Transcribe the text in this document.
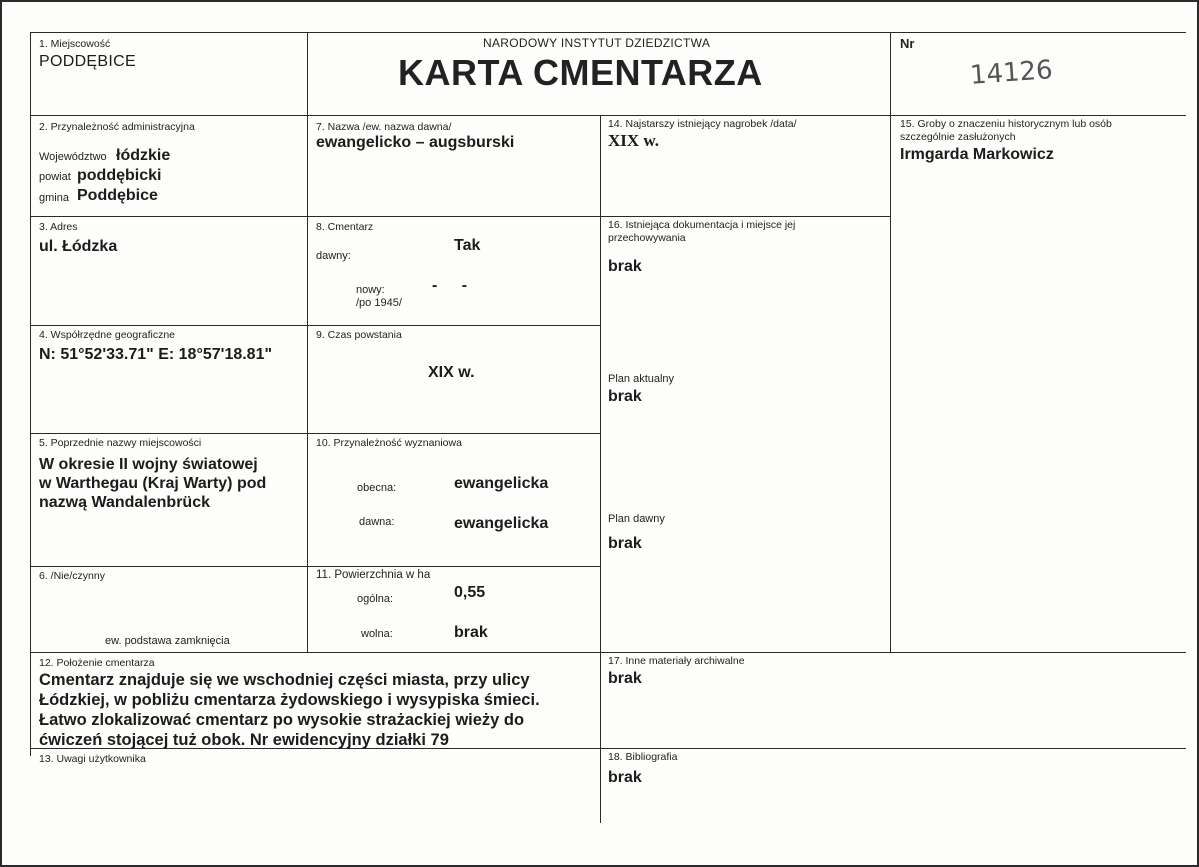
1. Miejscowość
PODDĘBICE
NARODOWY INSTYTUT DZIEDZICTWA
KARTA CMENTARZA
Nr
14126
2. Przynależność administracyjna
Województwo łódzkie
powiat poddębicki
gmina Poddębice
3. Adres
ul. Łódzka
4. Współrzędne geograficzne
N: 51°52'33.71" E: 18°57'18.81"
5. Poprzednie nazwy miejscowości
W okresie II wojny światowej
w Warthegau (Kraj Warty) pod
nazwą Wandalenbrück
6. /Nie/czynny
ew. podstawa zamknięcia
7. Nazwa /ew. nazwa dawna/
ewangelicko – augsburski
8. Cmentarz
dawny:
Tak
nowy:
/po 1945/
- -
9. Czas powstania
XIX w.
10. Przynależność wyznaniowa
obecna:	ewangelicka
dawna:	ewangelicka
11. Powierzchnia w ha
ogólna:	0,55
wolna:	brak
12. Położenie cmentarza
Cmentarz znajduje się we wschodniej części miasta, przy ulicy
Łódzkiej, w pobliżu cmentarza żydowskiego i wysypiska śmieci.
Łatwo zlokalizować cmentarz po wysokie strażackiej wieży do
ćwiczeń stojącej tuż obok. Nr ewidencyjny działki 79
13. Uwagi użytkownika
14. Najstarszy istniejący nagrobek /data/
XIX w.
15. Groby o znaczeniu historycznym lub osób
szczególnie zasłużonych
Irmgarda Markowicz
16. Istniejąca dokumentacja i miejsce jej
przechowywania
brak
Plan aktualny
brak
Plan dawny
brak
17. Inne materiały archiwalne
brak
18. Bibliografia
brak
